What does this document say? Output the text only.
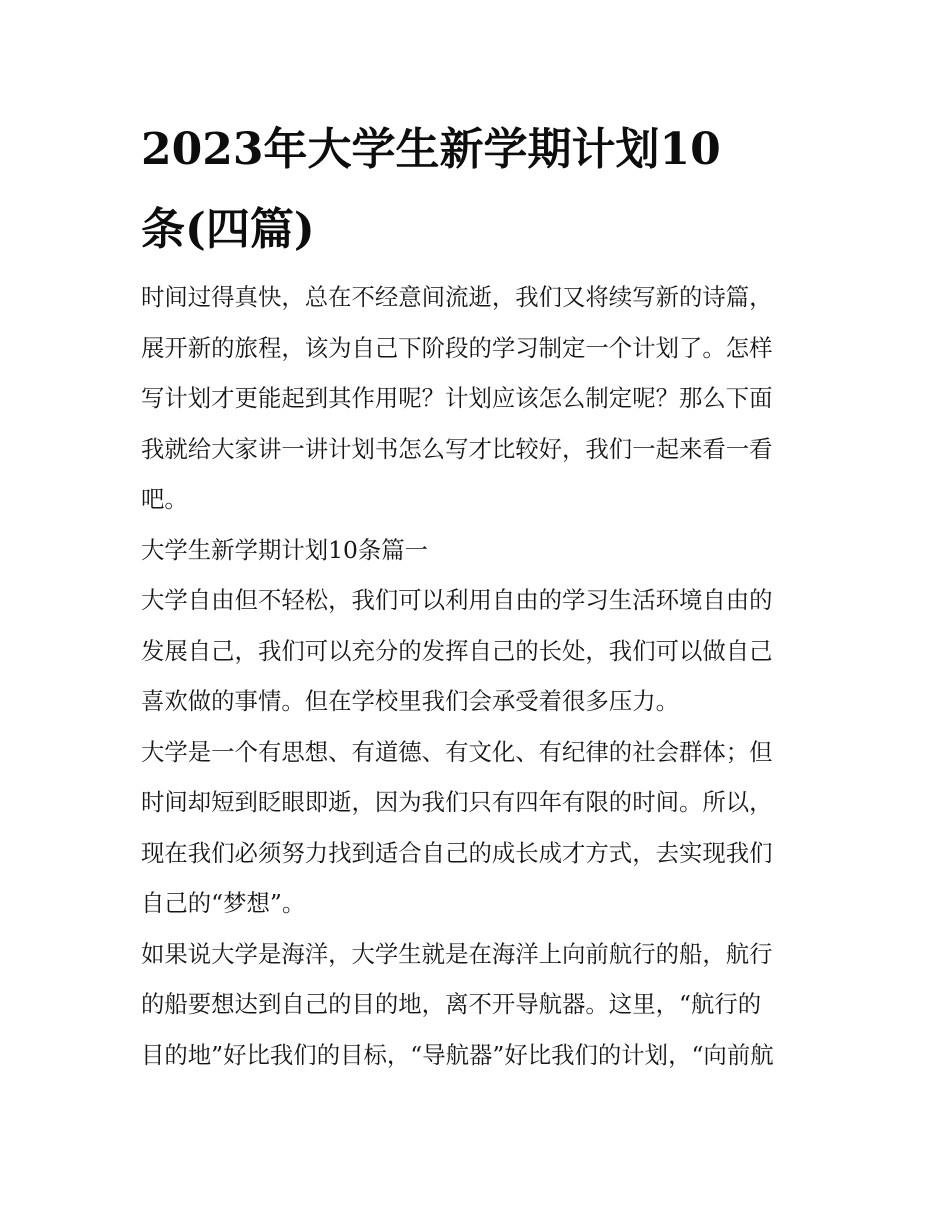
2023年大学生新学期计划10
条(四篇)

时间过得真快，总在不经意间流逝，我们又将续写新的诗篇，
展开新的旅程，该为自己下阶段的学习制定一个计划了。怎样
写计划才更能起到其作用呢？计划应该怎么制定呢？那么下面
我就给大家讲一讲计划书怎么写才比较好，我们一起来看一看
吧。

大学生新学期计划10条篇一

大学自由但不轻松，我们可以利用自由的学习生活环境自由的
发展自己，我们可以充分的发挥自己的长处，我们可以做自己
喜欢做的事情。但在学校里我们会承受着很多压力。

大学是一个有思想、有道德、有文化、有纪律的社会群体；但
时间却短到眨眼即逝，因为我们只有四年有限的时间。所以，
现在我们必须努力找到适合自己的成长成才方式，去实现我们
自己的“梦想”。

如果说大学是海洋，大学生就是在海洋上向前航行的船，航行
的船要想达到自己的目的地，离不开导航器。这里，“航行的
目的地”好比我们的目标，“导航器”好比我们的计划，“向前航
